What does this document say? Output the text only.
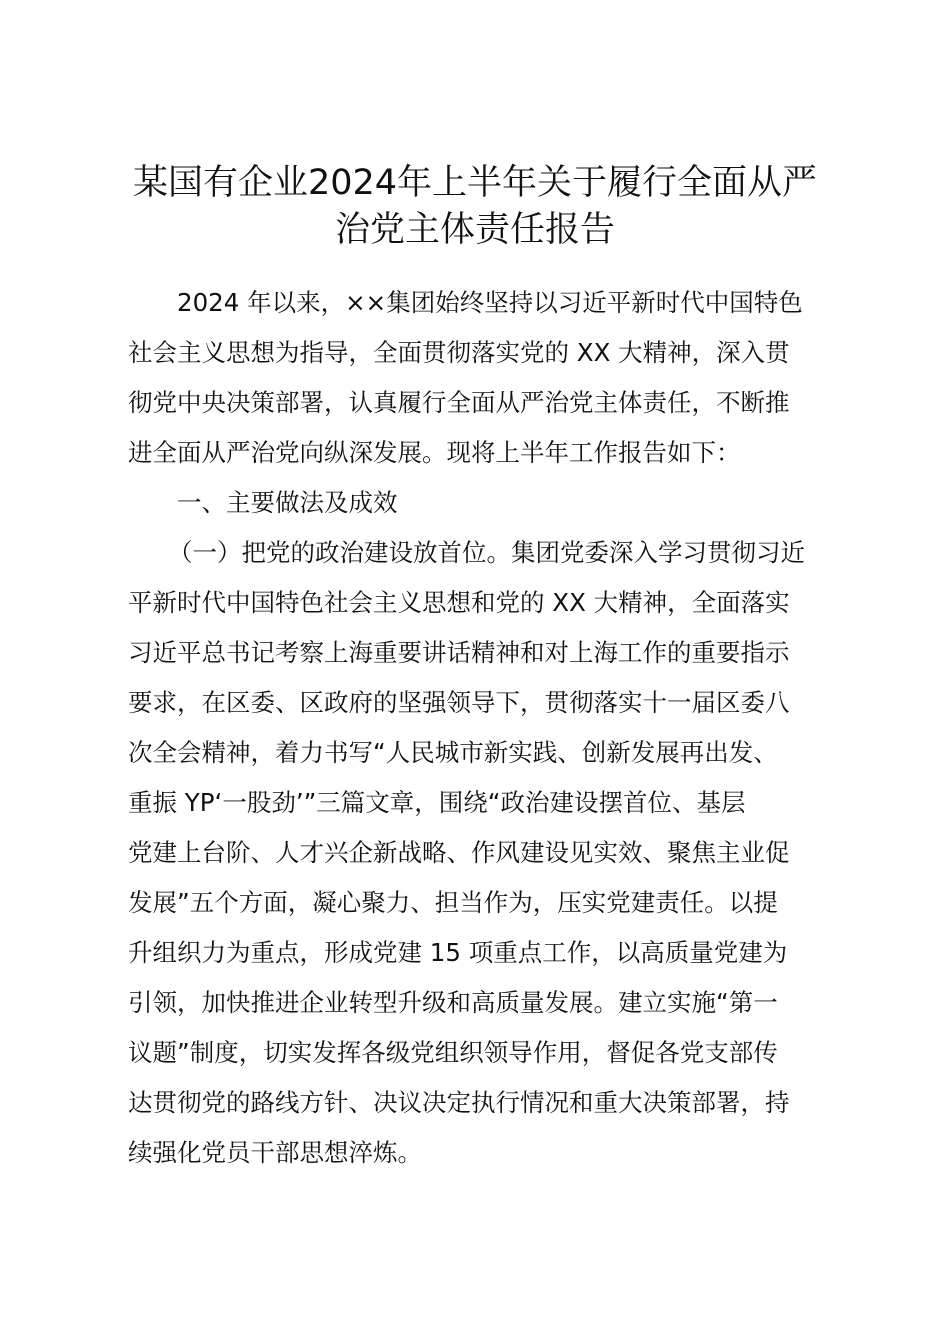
某国有企业2024年上半年关于履行全面从严治党主体责任报告

2024 年以来，××集团始终坚持以习近平新时代中国特色

社会主义思想为指导，全面贯彻落实党的 XX 大精神，深入贯

彻党中央决策部署，认真履行全面从严治党主体责任，不断推

进全面从严治党向纵深发展。现将上半年工作报告如下：

一、主要做法及成效

（一）把党的政治建设放首位。集团党委深入学习贯彻习近

平新时代中国特色社会主义思想和党的 XX 大精神，全面落实

习近平总书记考察上海重要讲话精神和对上海工作的重要指示

要求，在区委、区政府的坚强领导下，贯彻落实十一届区委八

次全会精神，着力书写“人民城市新实践、创新发展再出发、

重振 YP‘一股劲’”三篇文章，围绕“政治建设摆首位、基层

党建上台阶、人才兴企新战略、作风建设见实效、聚焦主业促

发展”五个方面，凝心聚力、担当作为，压实党建责任。以提

升组织力为重点，形成党建 15 项重点工作，以高质量党建为

引领，加快推进企业转型升级和高质量发展。建立实施“第一

议题”制度，切实发挥各级党组织领导作用，督促各党支部传

达贯彻党的路线方针、决议决定执行情况和重大决策部署，持

续强化党员干部思想淬炼。
